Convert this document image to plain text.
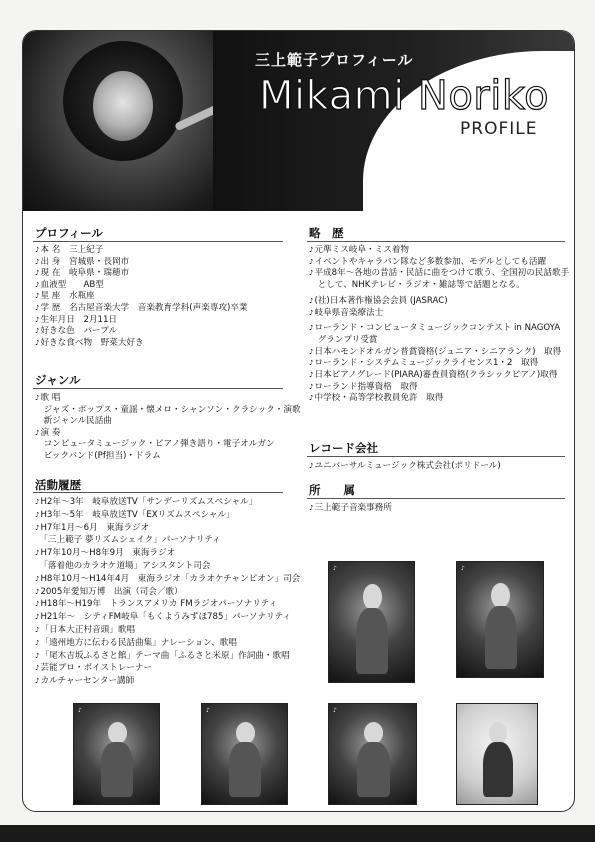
三上範子プロフィール
Mikami Noriko
PROFILE
プロフィール
♪本 名　三上紀子
♪出 身　宮城県・長岡市
♪現 在　岐阜県・瑞穂市
♪血液型　　AB型
♪星 座　水瓶座
♪学 歴　名古屋音楽大学　音楽教育学科(声楽専攻)卒業
♪生年月日　2月11日
♪好きな色　パープル
♪好きな食べ物　野菜大好き
ジャンル
♪歌 唱
　ジャズ・ポップス・童謡・懐メロ・シャンソン・クラシック・演歌
　新ジャンル民話曲
♪演 奏
　コンピュータミュージック・ピアノ弾き語り・電子オルガン
　ビックバンド(Pf担当)・ドラム
活動履歴
♪H2年～3年　岐阜放送TV「サンデーリズムスペシャル」
♪H3年～5年　岐阜放送TV「EXリズムスペシャル」
♪H7年1月～6月　東海ラジオ
　「三上範子 夢リズムシェイク」パーソナリティ
♪H7年10月～H8年9月　東海ラジオ
　「落着他のカラオケ道場」アシスタント司会
♪H8年10月～H14年4月　東海ラジオ「カラオケチャンピオン」司会
♪2005年愛知万博　出演（司会／歌）
♪H18年～H19年　トランスアメリカ FMラジオパーソナリティ
♪H21年～　シティFM岐阜「もくようみずほ785」パーソナリティ
♪「日本大正村音頭」歌唱
♪「遠州地方に伝わる民話曲集」ナレーション、歌唱
♪「尾木吉坂ふるさと館」テーマ曲「ふるさと米原」作詞曲・歌唱
♪芸能プロ・ボイストレーナー
♪カルチャーセンター講師
略　歴
♪元準ミス岐阜・ミス着物
♪イベントやキャラバン隊など多数参加、モデルとしても活躍
♪平成8年～各地の昔話・民話に曲をつけて歌う、全国初の民話歌手
　として、NHKテレビ・ラジオ・雑誌等で話題となる。
♪(社)日本著作権協会会員 (JASRAC)
♪岐阜県音楽療法士
♪ローランド・コンピュータミュージックコンテスト in NAGOYA
　グランプリ受賞
♪日本ハモンドオルガン普賞資格(ジュニア・シニアランク)　取得
♪ローランド・システムミュージックライセンス1・2　取得
♪日本ピアノグレード(PIARA)審査員資格(クラシックピアノ)取得
♪ローランド指導資格　取得
♪中学校・高等学校教員免許　取得
レコード会社
♪ユニバーサルミュージック株式会社(ポリドール)
所　　属
♪三上範子音楽事務所
♪	♪
♪	♪	♪
